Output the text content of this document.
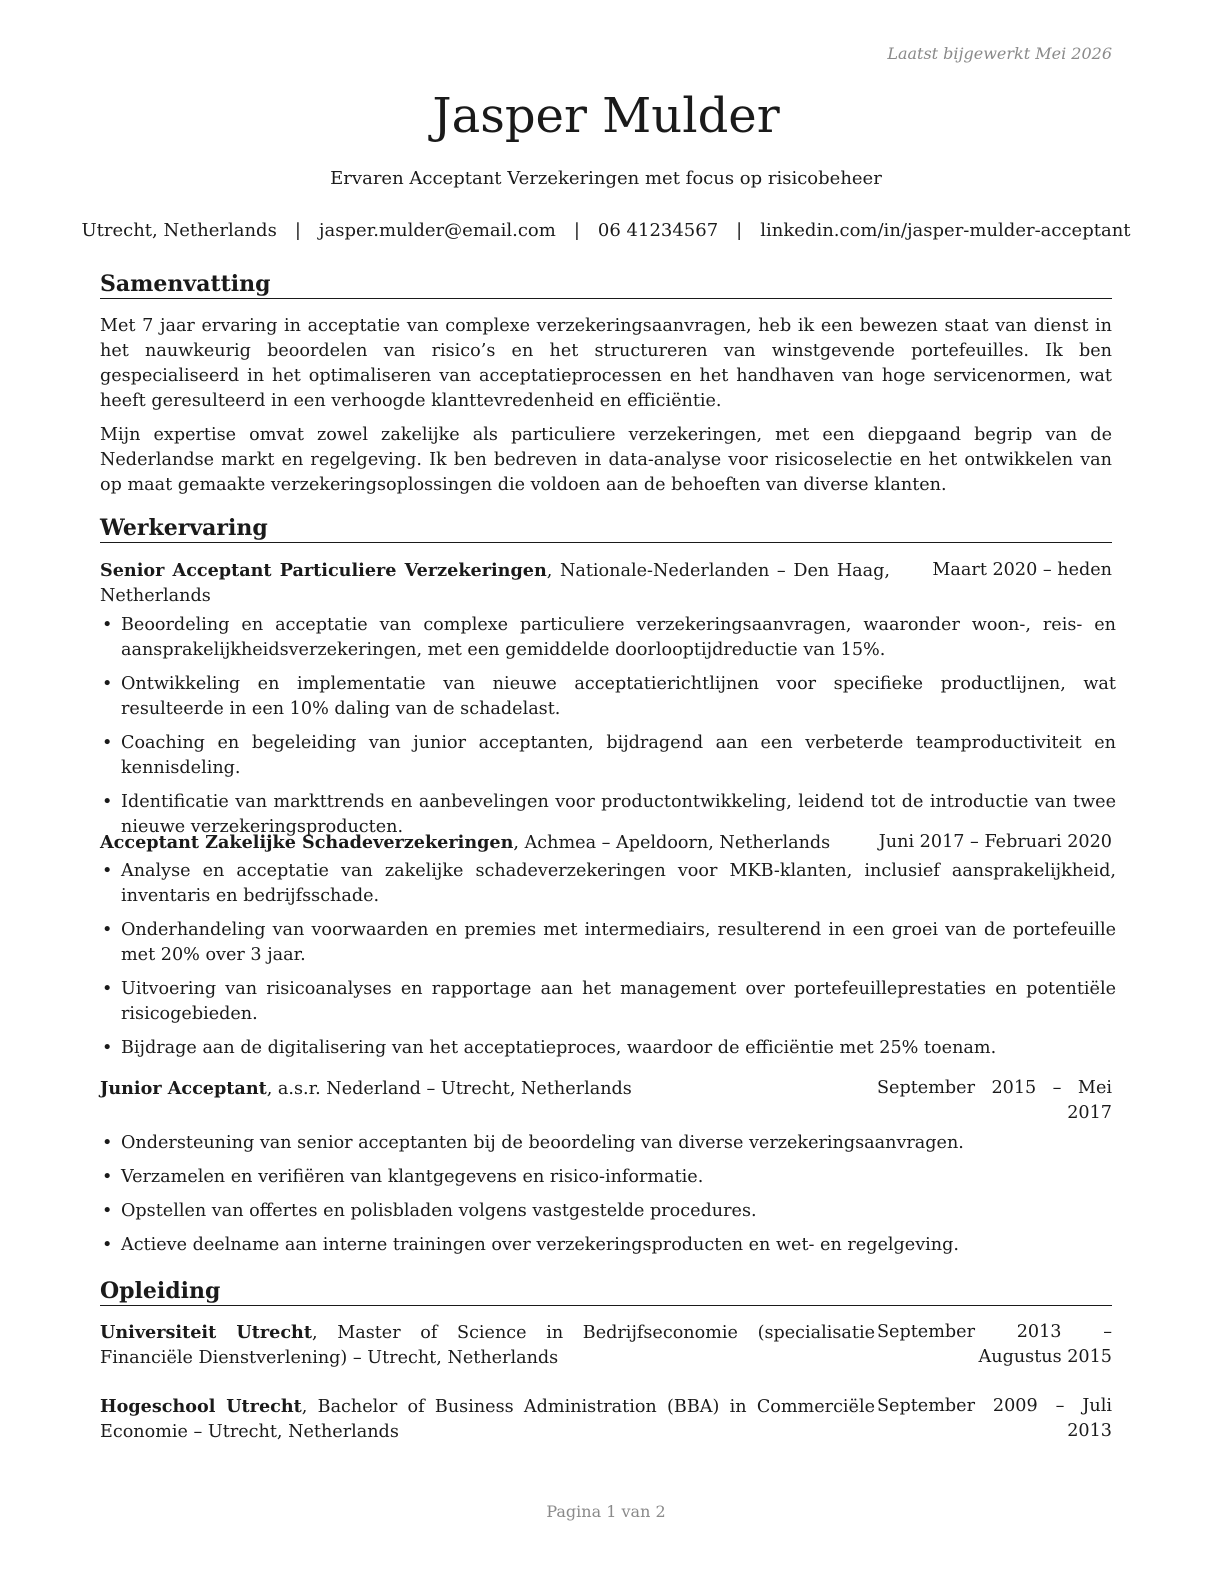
Laatst bijgewerkt Mei 2026
Jasper Mulder
Ervaren Acceptant Verzekeringen met focus op risicobeheer
Utrecht, Netherlands | jasper.mulder@email.com | 06 41234567 | linkedin.com/in/jasper-mulder-acceptant
Samenvatting
Met 7 jaar ervaring in acceptatie van complexe verzekeringsaanvragen, heb ik een bewezen staat van dienst in het nauwkeurig beoordelen van risico’s en het structureren van winstgevende portefeuilles. Ik ben gespecialiseerd in het optimaliseren van acceptatieprocessen en het handhaven van hoge servicenormen, wat heeft geresulteerd in een verhoogde klanttevredenheid en efficiëntie.
Mijn expertise omvat zowel zakelijke als particuliere verzekeringen, met een diepgaand begrip van de Nederlandse markt en regelgeving. Ik ben bedreven in data-analyse voor risicoselectie en het ontwikkelen van op maat gemaakte verzekeringsoplossingen die voldoen aan de behoeften van diverse klanten.
Werkervaring
Senior Acceptant Particuliere Verzekeringen, Nationale-Nederlanden – Den Haag, Netherlands
Maart 2020 – heden
• Beoordeling en acceptatie van complexe particuliere verzekeringsaanvragen, waaronder woon-, reis- en aansprakelijkheidsverzekeringen, met een gemiddelde doorlooptijdreductie van 15%.
• Ontwikkeling en implementatie van nieuwe acceptatierichtlijnen voor specifieke productlijnen, wat resulteerde in een 10% daling van de schadelast.
• Coaching en begeleiding van junior acceptanten, bijdragend aan een verbeterde teamproductiviteit en kennisdeling.
• Identificatie van markttrends en aanbevelingen voor productontwikkeling, leidend tot de introductie van twee nieuwe verzekeringsproducten.
Acceptant Zakelijke Schadeverzekeringen, Achmea – Apeldoorn, Netherlands	Juni 2017 – Februari 2020
• Analyse en acceptatie van zakelijke schadeverzekeringen voor MKB-klanten, inclusief aansprakelijkheid, inventaris en bedrijfsschade.
• Onderhandeling van voorwaarden en premies met intermediairs, resulterend in een groei van de portefeuille met 20% over 3 jaar.
• Uitvoering van risicoanalyses en rapportage aan het management over portefeuilleprestaties en potentiële risicogebieden.
• Bijdrage aan de digitalisering van het acceptatieproces, waardoor de efficiëntie met 25% toenam.
Junior Acceptant, a.s.r. Nederland – Utrecht, Netherlands	September 2015 – Mei 2017
• Ondersteuning van senior acceptanten bij de beoordeling van diverse verzekeringsaanvragen.
• Verzamelen en verifiëren van klantgegevens en risico-informatie.
• Opstellen van offertes en polisbladen volgens vastgestelde procedures.
• Actieve deelname aan interne trainingen over verzekeringsproducten en wet- en regelgeving.
Opleiding
Universiteit Utrecht, Master of Science in Bedrijfseconomie (specialisatie Financiële Dienstverlening) – Utrecht, Netherlands
September 2013 – Augustus 2015
Hogeschool Utrecht, Bachelor of Business Administration (BBA) in Commerciële Economie – Utrecht, Netherlands
September 2009 – Juli 2013
Pagina 1 van 2
